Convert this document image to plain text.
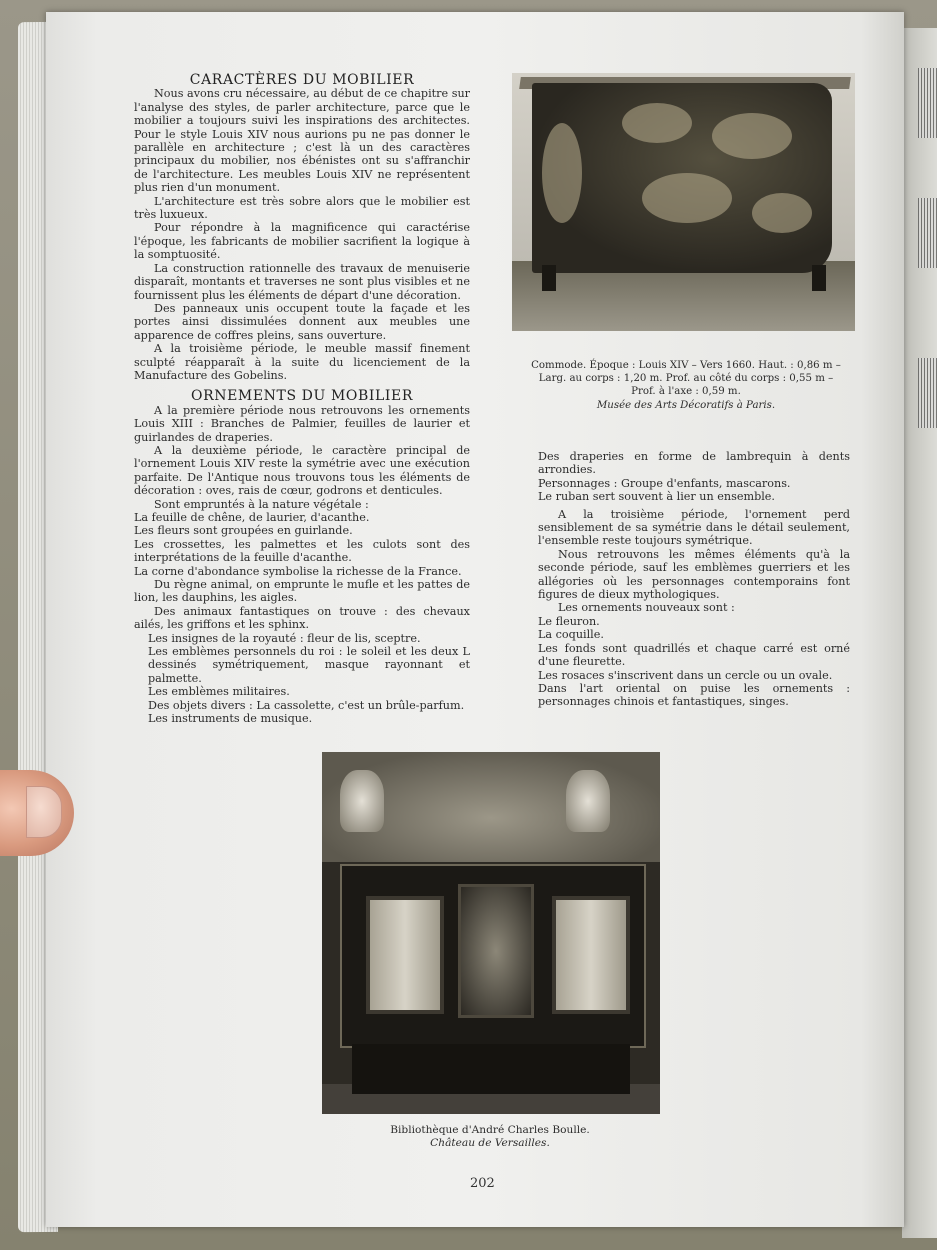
CARACTÈRES DU MOBILIER

Nous avons cru nécessaire, au début de ce chapitre sur l'analyse des styles, de parler architecture, parce que le mobilier a toujours suivi les inspirations des architectes. Pour le style Louis XIV nous aurions pu ne pas donner le parallèle en architecture ; c'est là un des caractères principaux du mobilier, nos ébénistes ont su s'affranchir de l'architecture. Les meubles Louis XIV ne représentent plus rien d'un monument.

L'architecture est très sobre alors que le mobilier est très luxueux.

Pour répondre à la magnificence qui caractérise l'époque, les fabricants de mobilier sacrifient la logique à la somptuosité.

La construction rationnelle des travaux de menuiserie disparaît, montants et traverses ne sont plus visibles et ne fournissent plus les éléments de départ d'une décoration.

Des panneaux unis occupent toute la façade et les portes ainsi dissimulées donnent aux meubles une apparence de coffres pleins, sans ouverture.

A la troisième période, le meuble massif finement sculpté réapparaît à la suite du licenciement de la Manufacture des Gobelins.

ORNEMENTS DU MOBILIER

A la première période nous retrouvons les ornements Louis XIII : Branches de Palmier, feuilles de laurier et guirlandes de draperies.

A la deuxième période, le caractère principal de l'ornement Louis XIV reste la symétrie avec une exécution parfaite. De l'Antique nous trouvons tous les éléments de décoration : oves, rais de cœur, godrons et denticules.

Sont empruntés à la nature végétale :

La feuille de chêne, de laurier, d'acanthe.

Les fleurs sont groupées en guirlande.

Les crossettes, les palmettes et les culots sont des interprétations de la feuille d'acanthe.

La corne d'abondance symbolise la richesse de la France.

Du règne animal, on emprunte le mufle et les pattes de lion, les dauphins, les aigles.

Des animaux fantastiques on trouve : des chevaux ailés, les griffons et les sphinx.

Les insignes de la royauté : fleur de lis, sceptre.

Les emblèmes personnels du roi : le soleil et les deux L dessinés symétriquement, masque rayonnant et palmette.

Les emblèmes militaires.

Des objets divers : La cassolette, c'est un brûle-parfum.

Les instruments de musique.

Commode. Époque : Louis XIV – Vers 1660. Haut. : 0,86 m –
Larg. au corps : 1,20 m. Prof. au côté du corps : 0,55 m –
Prof. à l'axe : 0,59 m.
Musée des Arts Décoratifs à Paris.

Des draperies en forme de lambrequin à dents arrondies.

Personnages : Groupe d'enfants, mascarons.

Le ruban sert souvent à lier un ensemble.

A la troisième période, l'ornement perd sensiblement de sa symétrie dans le détail seulement, l'ensemble reste toujours symétrique.

Nous retrouvons les mêmes éléments qu'à la seconde période, sauf les emblèmes guerriers et les allégories où les personnages contemporains font figures de dieux mythologiques.

Les ornements nouveaux sont :

Le fleuron.

La coquille.

Les fonds sont quadrillés et chaque carré est orné d'une fleurette.

Les rosaces s'inscrivent dans un cercle ou un ovale.

Dans l'art oriental on puise les ornements : personnages chinois et fantastiques, singes.

Bibliothèque d'André Charles Boulle.
Château de Versailles.
202
